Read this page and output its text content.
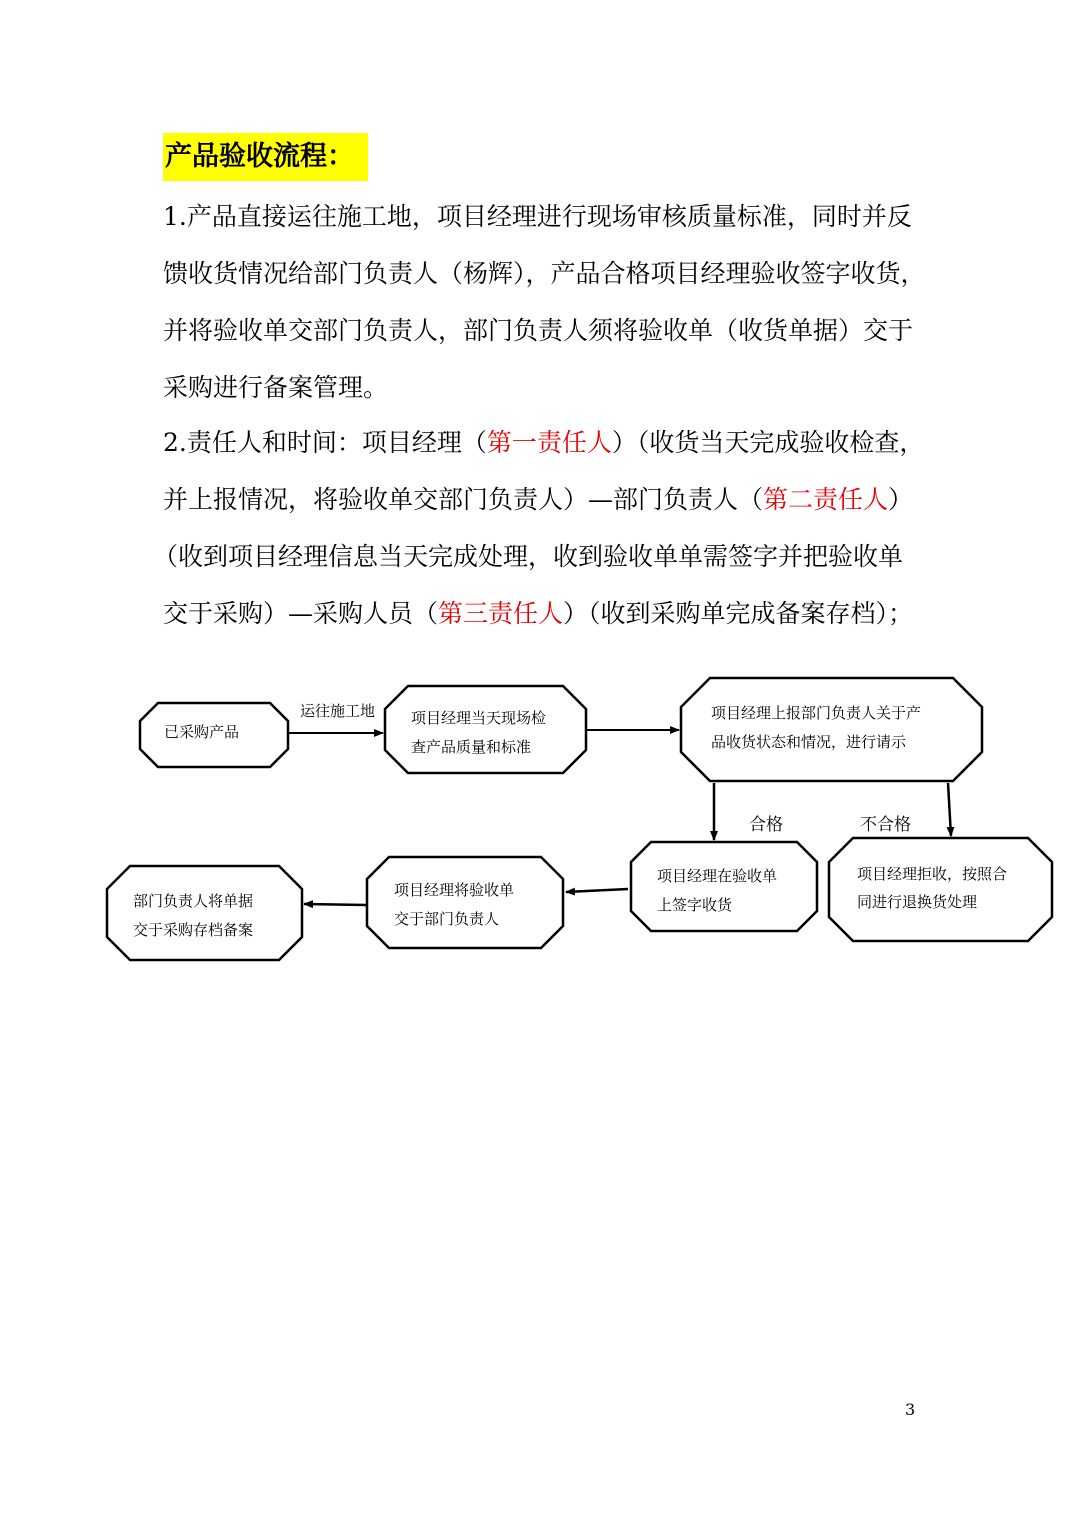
产品验收流程：
1.产品直接运往施工地，项目经理进行现场审核质量标准，同时并反
馈收货情况给部门负责人（杨辉），产品合格项目经理验收签字收货，
并将验收单交部门负责人，部门负责人须将验收单（收货单据）交于
采购进行备案管理。
2.责任人和时间：项目经理（第一责任人）（收货当天完成验收检查，
并上报情况，将验收单交部门负责人）—部门负责人（第二责任人）
（收到项目经理信息当天完成处理，收到验收单单需签字并把验收单
交于采购）—采购人员（第三责任人）（收到采购单完成备案存档）；
已采购产品
项目经理当天现场检
查产品质量和标准
项目经理上报部门负责人关于产
品收货状态和情况，进行请示
项目经理在验收单
上签字收货
项目经理拒收，按照合
同进行退换货处理
项目经理将验收单
交于部门负责人
部门负责人将单据
交于采购存档备案
运往施工地
合格	不合格
3
